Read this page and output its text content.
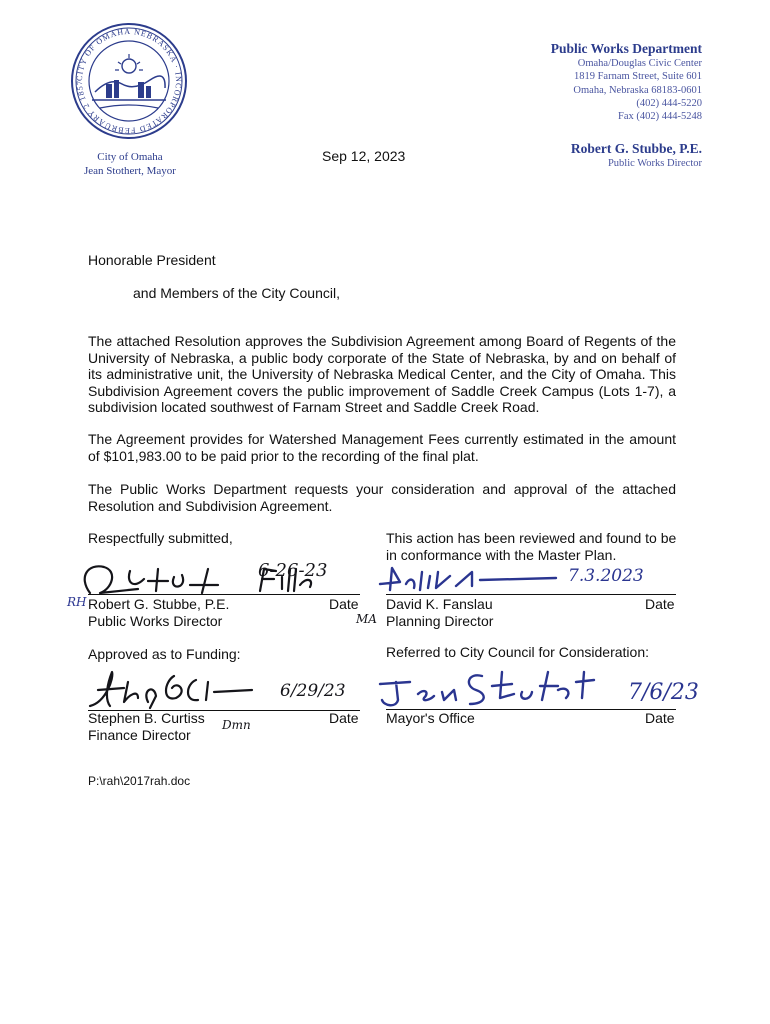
CITY OF OMAHA NEBRASKA · INCORPORATED FEBRUARY 2 1857
City of Omaha
Jean Stothert, Mayor
Public Works Department
Omaha/Douglas Civic Center
1819 Farnam Street, Suite 601
Omaha, Nebraska 68183-0601
(402) 444-5220
Fax (402) 444-5248
Robert G. Stubbe, P.E.
Public Works Director
Sep 12, 2023
Honorable President
and Members of the City Council,
The attached Resolution approves the Subdivision Agreement among Board of Regents of the University of Nebraska, a public body corporate of the State of Nebraska, by and on behalf of its administrative unit, the University of Nebraska Medical Center, and the City of Omaha. This Subdivision Agreement covers the public improvement of Saddle Creek Campus (Lots 1-7), a subdivision located southwest of Farnam Street and Saddle Creek Road.
The Agreement provides for Watershed Management Fees currently estimated in the amount of $101,983.00 to be paid prior to the recording of the final plat.
The Public Works Department requests your consideration and approval of the attached Resolution and Subdivision Agreement.
Respectfully submitted,	This action has been reviewed and found to be in conformance with the Master Plan.
6-26-23
RH Robert G. Stubbe, P.E.	Date
Public Works Director
7.3.2023
MA
David K. Fanslau	Date
Planning Director
Approved as to Funding:	Referred to City Council for Consideration:
6/29/23
Dmn
Stephen B. Curtiss	Date
Finance Director
7/6/23
Mayor's Office	Date
P:\rah\2017rah.doc
